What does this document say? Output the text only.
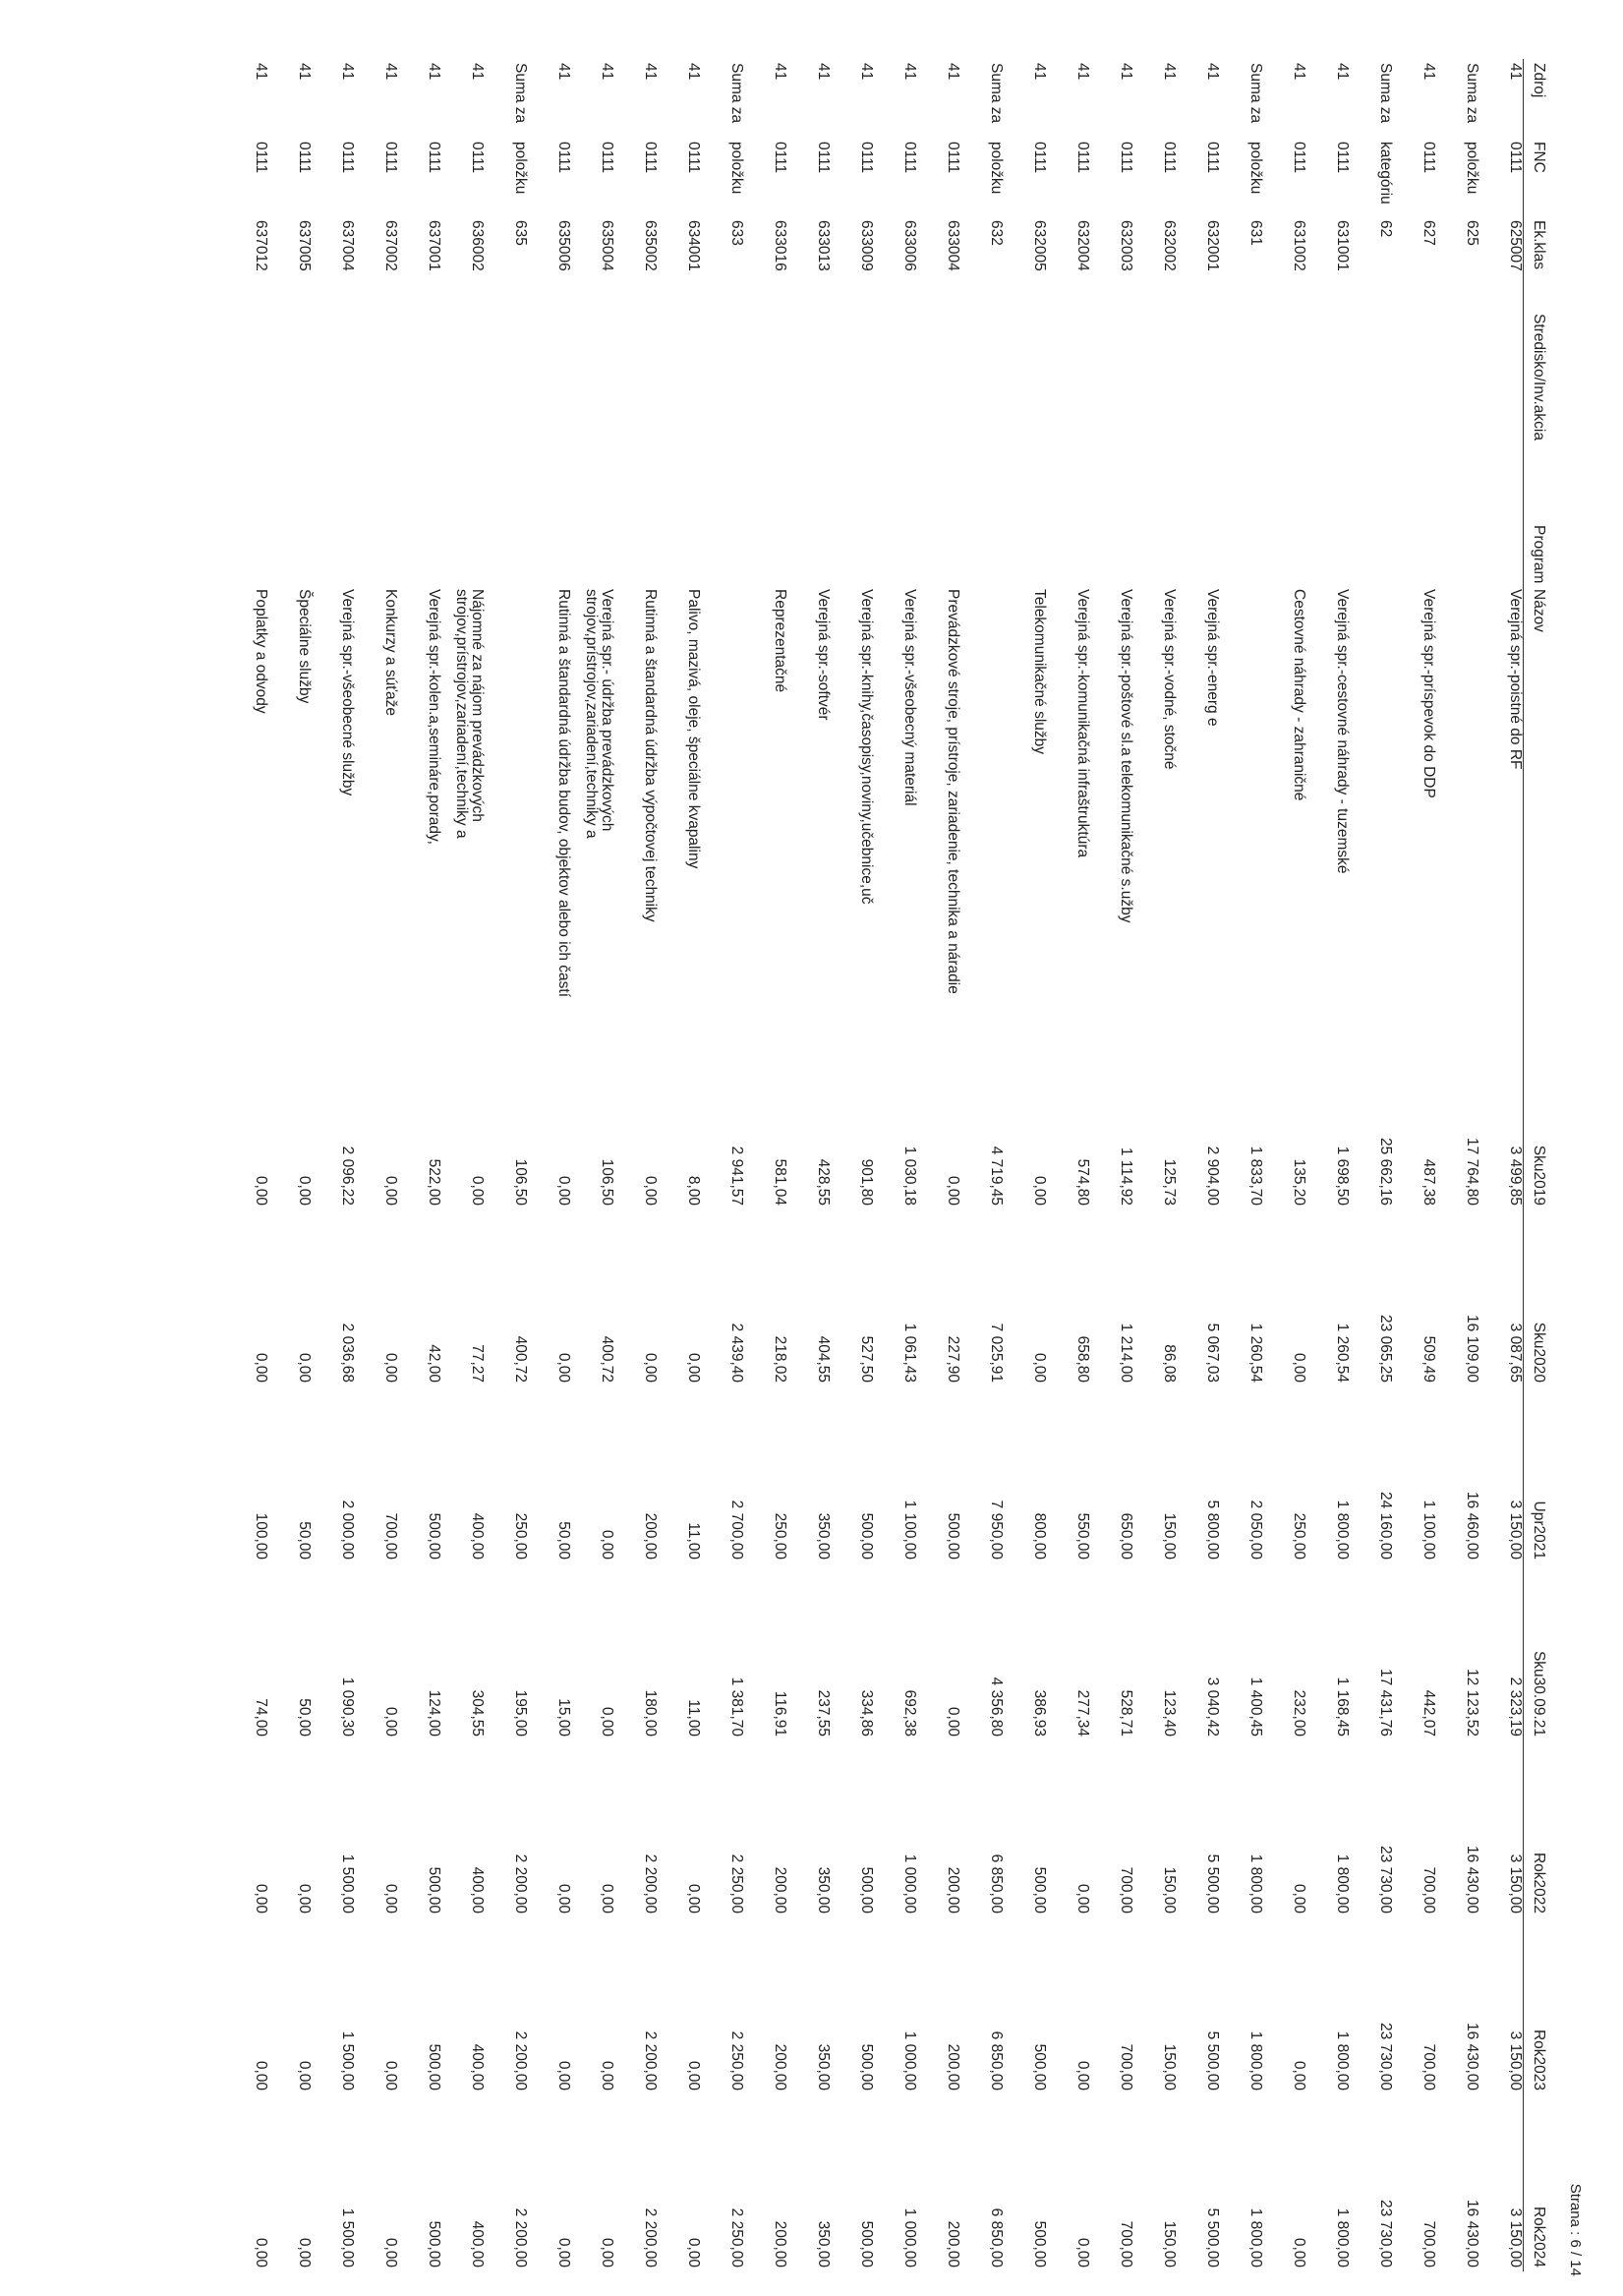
Strana : 6 / 14
Zdroj	FNC	Ek.klas	Stredisko/Inv.akcia	Program	Názov	Sku2019	Sku2020	Upr2021	Sku30.09.21	Rok2022	Rok2023	Rok2024
41	0111	625007			Verejná spr.-poistné do RF	3 499,85	3 087,65	3 150,00	2 323,19	3 150,00	3 150,00	3 150,00
Suma za	položku	625				17 764,80	16 109,00	16 460,00	12 123,52	16 430,00	16 430,00	16 430,00
41	0111	627			Verejná spr.-príspevok do DDP	487,38	509,49	1 100,00	442,07	700,00	700,00	700,00
Suma za	kategóriu	62				25 662,16	23 065,25	24 160,00	17 431,76	23 730,00	23 730,00	23 730,00
41	0111	631001			Verejná spr.-cestovné náhrady - tuzemské	1 698,50	1 260,54	1 800,00	1 168,45	1 800,00	1 800,00	1 800,00
41	0111	631002			Cestovné náhrady - zahraničné	135,20	0,00	250,00	232,00	0,00	0,00	0,00
Suma za	položku	631				1 833,70	1 260,54	2 050,00	1 400,45	1 800,00	1 800,00	1 800,00
41	0111	632001			Verejná spr.-energ e	2 904,00	5 067,03	5 800,00	3 040,42	5 500,00	5 500,00	5 500,00
41	0111	632002			Verejná spr.-vodné, stočné	125,73	86,08	150,00	123,40	150,00	150,00	150,00
41	0111	632003			Verejná spr.-poštové sl.a telekomunikačné s.užby	1 114,92	1 214,00	650,00	528,71	700,00	700,00	700,00
41	0111	632004			Verejná spr.-komunikačná infraštruktúra	574,80	658,80	550,00	277,34	0,00	0,00	0,00
41	0111	632005			Telekomunikačné služby	0,00	0,00	800,00	386,93	500,00	500,00	500,00
Suma za	položku	632				4 719,45	7 025,91	7 950,00	4 356,80	6 850,00	6 850,00	6 850,00
41	0111	633004			Prevádzkové stroje, prístroje, zariadenie, technika a náradie	0,00	227,90	500,00	0,00	200,00	200,00	200,00
41	0111	633006			Verejná spr.-všeobecný materiál	1 030,18	1 061,43	1 100,00	692,38	1 000,00	1 000,00	1 000,00
41	0111	633009			Verejná spr.-knihy,časopisy,noviny,učebnice,uč	901,80	527,50	500,00	334,86	500,00	500,00	500,00
41	0111	633013			Verejná spr.-softvér	428,55	404,55	350,00	237,55	350,00	350,00	350,00
41	0111	633016			Reprezentačné	581,04	218,02	250,00	116,91	200,00	200,00	200,00
Suma za	položku	633				2 941,57	2 439,40	2 700,00	1 381,70	2 250,00	2 250,00	2 250,00
41	0111	634001			Palivo, mazivá, oleje, špeciálne kvapaliny	8,00	0,00	11,00	11,00	0,00	0,00	0,00
41	0111	635002			Rutinná a štandardná údržba výpočtovej techniky	0,00	0,00	200,00	180,00	2 200,00	2 200,00	2 200,00
41	0111	635004			Verejná spr.- údržba prevádzkových strojov,prístrojov,zariadení,techniky a	106,50	400,72	0,00	0,00	0,00	0,00	0,00
41	0111	635006			Rutinná a štandardná údržba budov, objektov alebo ich častí	0,00	0,00	50,00	15,00	0,00	0,00	0,00
Suma za	položku	635				106,50	400,72	250,00	195,00	2 200,00	2 200,00	2 200,00
41	0111	636002			Nájomné za nájom prevádzkových strojov,prístrojov,zariadení,techniky a	0,00	77,27	400,00	304,55	400,00	400,00	400,00
41	0111	637001			Verejná spr.-kolen.a,semináre,porady,	522,00	42,00	500,00	124,00	500,00	500,00	500,00
41	0111	637002			Konkurzy a súťaže	0,00	0,00	700,00	0,00	0,00	0,00	0,00
41	0111	637004			Verejná spr.-všeobecné služby	2 096,22	2 036,68	2 000,00	1 090,30	1 500,00	1 500,00	1 500,00
41	0111	637005			Špeciálne služby	0,00	0,00	50,00	50,00	0,00	0,00	0,00
41	0111	637012			Poplatky a odvody	0,00	0,00	100,00	74,00	0,00	0,00	0,00
